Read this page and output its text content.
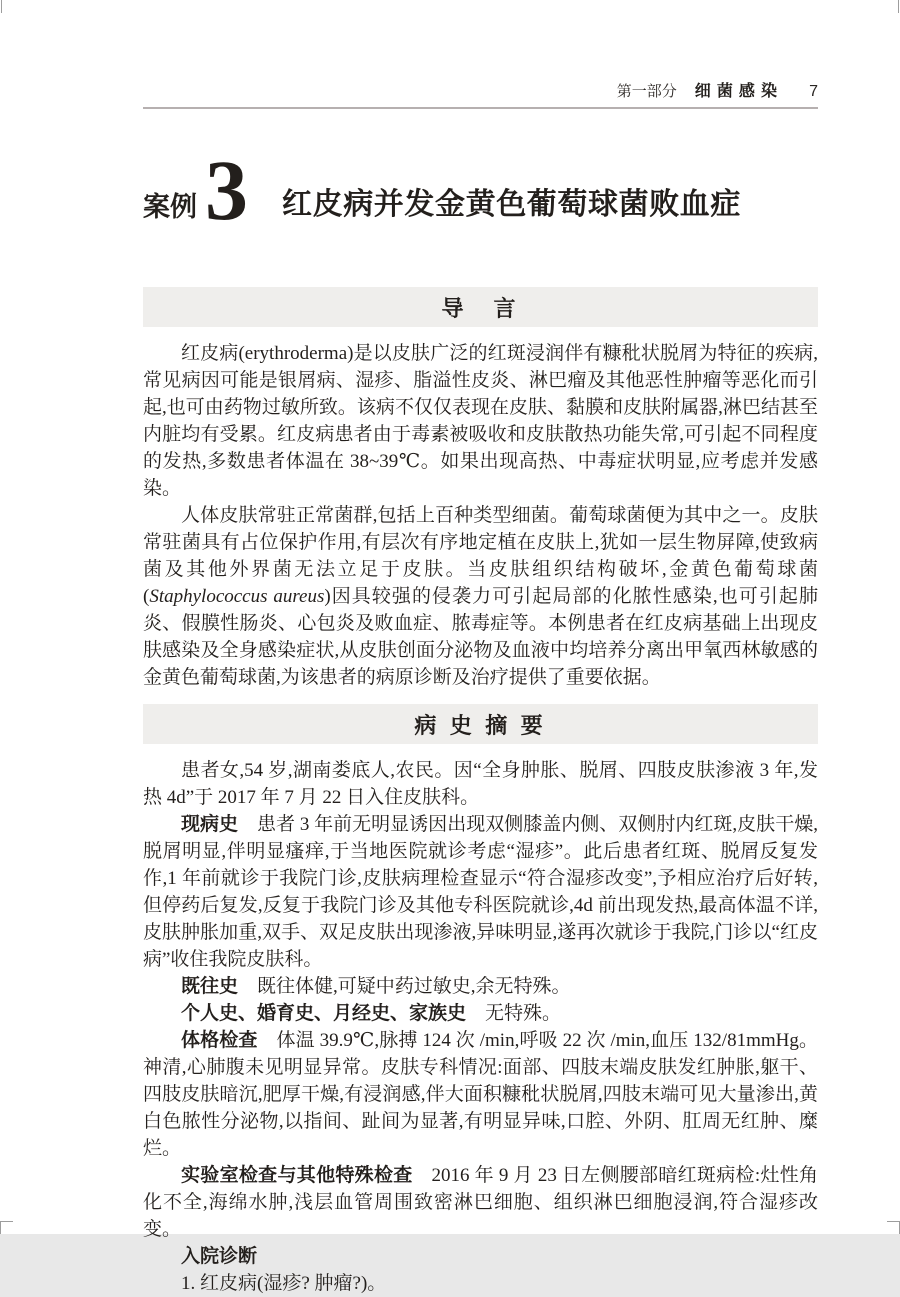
第一部分 细菌感染 7
案例 3 红皮病并发金黄色葡萄球菌败血症
导　言

红皮病(erythroderma)是以皮肤广泛的红斑浸润伴有糠秕状脱屑为特征的疾病,常见病因可能是银屑病、湿疹、脂溢性皮炎、淋巴瘤及其他恶性肿瘤等恶化而引起,也可由药物过敏所致。该病不仅仅表现在皮肤、黏膜和皮肤附属器,淋巴结甚至内脏均有受累。红皮病患者由于毒素被吸收和皮肤散热功能失常,可引起不同程度的发热,多数患者体温在 38~39℃。如果出现高热、中毒症状明显,应考虑并发感染。

人体皮肤常驻正常菌群,包括上百种类型细菌。葡萄球菌便为其中之一。皮肤常驻菌具有占位保护作用,有层次有序地定植在皮肤上,犹如一层生物屏障,使致病菌及其他外界菌无法立足于皮肤。当皮肤组织结构破坏,金黄色葡萄球菌(Staphylococcus aureus)因具较强的侵袭力可引起局部的化脓性感染,也可引起肺炎、假膜性肠炎、心包炎及败血症、脓毒症等。本例患者在红皮病基础上出现皮肤感染及全身感染症状,从皮肤创面分泌物及血液中均培养分离出甲氧西林敏感的金黄色葡萄球菌,为该患者的病原诊断及治疗提供了重要依据。

病 史 摘 要

患者女,54 岁,湖南娄底人,农民。因“全身肿胀、脱屑、四肢皮肤渗液 3 年,发热 4d”于 2017 年 7 月 22 日入住皮肤科。

现病史 患者 3 年前无明显诱因出现双侧膝盖内侧、双侧肘内红斑,皮肤干燥,脱屑明显,伴明显瘙痒,于当地医院就诊考虑“湿疹”。此后患者红斑、脱屑反复发作,1 年前就诊于我院门诊,皮肤病理检查显示“符合湿疹改变”,予相应治疗后好转,但停药后复发,反复于我院门诊及其他专科医院就诊,4d 前出现发热,最高体温不详,皮肤肿胀加重,双手、双足皮肤出现渗液,异味明显,遂再次就诊于我院,门诊以“红皮病”收住我院皮肤科。

既往史 既往体健,可疑中药过敏史,余无特殊。

个人史、婚育史、月经史、家族史 无特殊。

体格检查 体温 39.9℃,脉搏 124 次 /min,呼吸 22 次 /min,血压 132/81mmHg。神清,心肺腹未见明显异常。皮肤专科情况:面部、四肢末端皮肤发红肿胀,躯干、四肢皮肤暗沉,肥厚干燥,有浸润感,伴大面积糠秕状脱屑,四肢末端可见大量渗出,黄白色脓性分泌物,以指间、趾间为显著,有明显异味,口腔、外阴、肛周无红肿、糜烂。

实验室检查与其他特殊检查 2016 年 9 月 23 日左侧腰部暗红斑病检:灶性角化不全,海绵水肿,浅层血管周围致密淋巴细胞、组织淋巴细胞浸润,符合湿疹改变。

入院诊断

1. 红皮病(湿疹? 肿瘤?)。
